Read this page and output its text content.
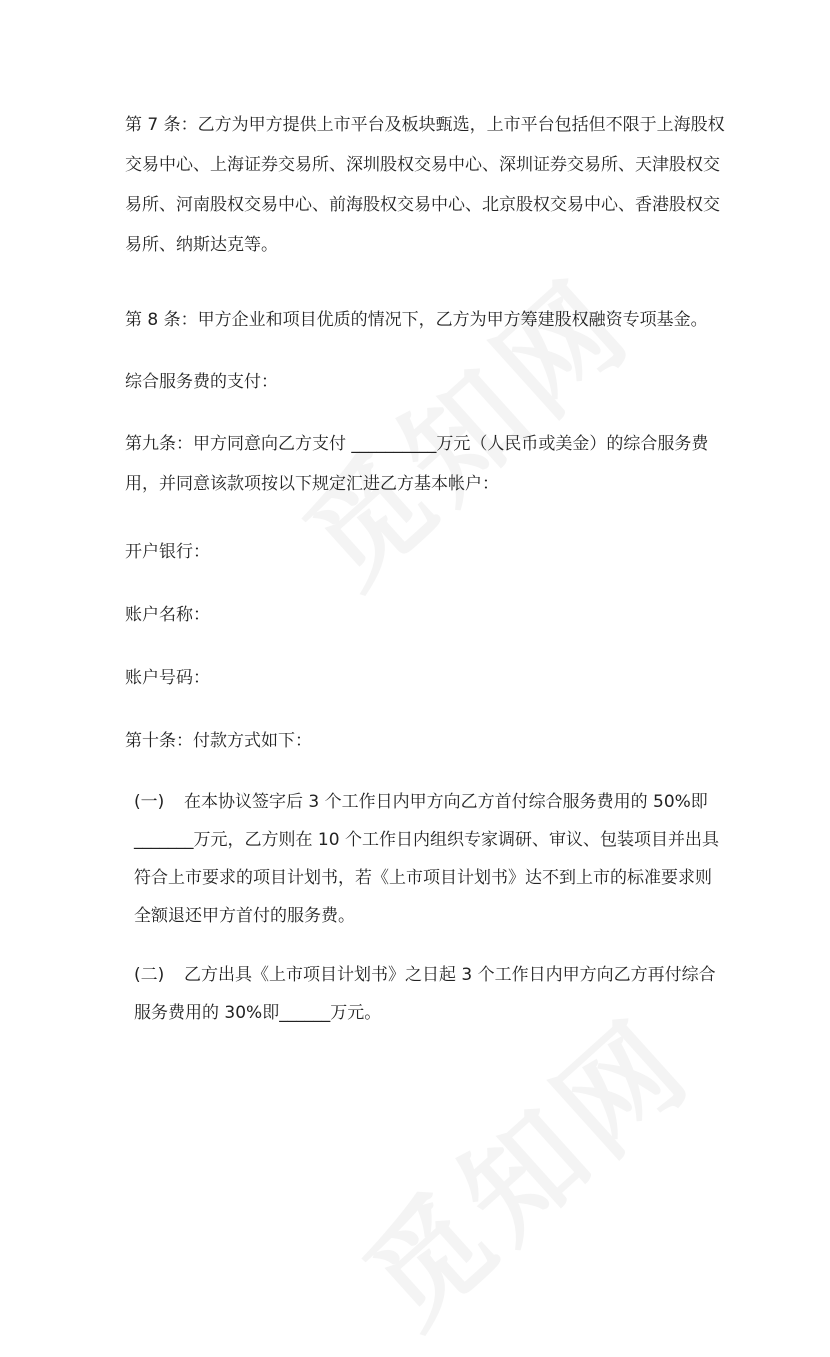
第 7 条：乙方为甲方提供上市平台及板块甄选，上市平台包括但不限于上海股权
交易中心、上海证券交易所、深圳股权交易中心、深圳证券交易所、天津股权交
易所、河南股权交易中心、前海股权交易中心、北京股权交易中心、香港股权交
易所、纳斯达克等。
第 8 条：甲方企业和项目优质的情况下，乙方为甲方筹建股权融资专项基金。
综合服务费的支付：
第九条：甲方同意向乙方支付 __________万元（人民币或美金）的综合服务费
用，并同意该款项按以下规定汇进乙方基本帐户：
开户银行：
账户名称：
账户号码：
第十条：付款方式如下：
(一) 在本协议签字后 3 个工作日内甲方向乙方首付综合服务费用的 50%即
_______万元，乙方则在 10 个工作日内组织专家调研、审议、包装项目并出具
符合上市要求的项目计划书，若《上市项目计划书》达不到上市的标准要求则
全额退还甲方首付的服务费。
(二) 乙方出具《上市项目计划书》之日起 3 个工作日内甲方向乙方再付综合
服务费用的 30%即______万元。
